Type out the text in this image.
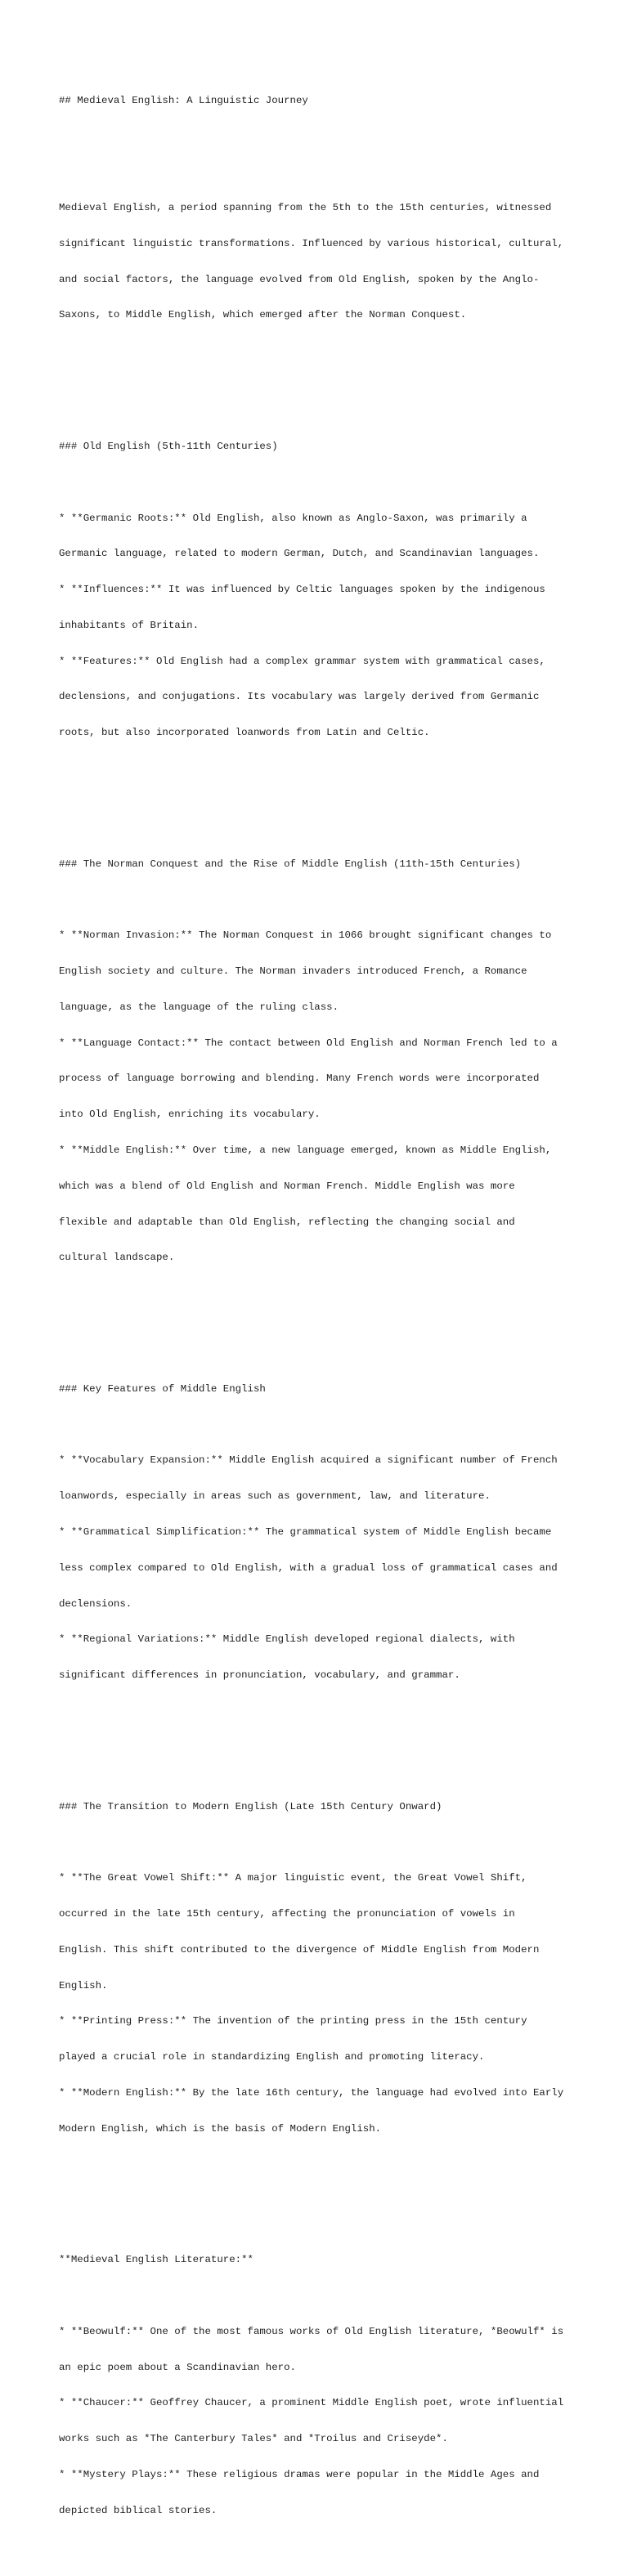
## Medieval English: A Linguistic Journey

Medieval English, a period spanning from the 5th to the 15th centuries, witnessed

significant linguistic transformations. Influenced by various historical, cultural,

and social factors, the language evolved from Old English, spoken by the Anglo-

Saxons, to Middle English, which emerged after the Norman Conquest.

### Old English (5th-11th Centuries)

* **Germanic Roots:** Old English, also known as Anglo-Saxon, was primarily a

Germanic language, related to modern German, Dutch, and Scandinavian languages.

* **Influences:** It was influenced by Celtic languages spoken by the indigenous

inhabitants of Britain.

* **Features:** Old English had a complex grammar system with grammatical cases,

declensions, and conjugations. Its vocabulary was largely derived from Germanic

roots, but also incorporated loanwords from Latin and Celtic.

### The Norman Conquest and the Rise of Middle English (11th-15th Centuries)

* **Norman Invasion:** The Norman Conquest in 1066 brought significant changes to

English society and culture. The Norman invaders introduced French, a Romance

language, as the language of the ruling class.

* **Language Contact:** The contact between Old English and Norman French led to a

process of language borrowing and blending. Many French words were incorporated

into Old English, enriching its vocabulary.

* **Middle English:** Over time, a new language emerged, known as Middle English,

which was a blend of Old English and Norman French. Middle English was more

flexible and adaptable than Old English, reflecting the changing social and

cultural landscape.

### Key Features of Middle English

* **Vocabulary Expansion:** Middle English acquired a significant number of French

loanwords, especially in areas such as government, law, and literature.

* **Grammatical Simplification:** The grammatical system of Middle English became

less complex compared to Old English, with a gradual loss of grammatical cases and

declensions.

* **Regional Variations:** Middle English developed regional dialects, with

significant differences in pronunciation, vocabulary, and grammar.

### The Transition to Modern English (Late 15th Century Onward)

* **The Great Vowel Shift:** A major linguistic event, the Great Vowel Shift,

occurred in the late 15th century, affecting the pronunciation of vowels in

English. This shift contributed to the divergence of Middle English from Modern

English.

* **Printing Press:** The invention of the printing press in the 15th century

played a crucial role in standardizing English and promoting literacy.

* **Modern English:** By the late 16th century, the language had evolved into Early

Modern English, which is the basis of Modern English.

**Medieval English Literature:**

* **Beowulf:** One of the most famous works of Old English literature, *Beowulf* is

an epic poem about a Scandinavian hero.

* **Chaucer:** Geoffrey Chaucer, a prominent Middle English poet, wrote influential

works such as *The Canterbury Tales* and *Troilus and Criseyde*.

* **Mystery Plays:** These religious dramas were popular in the Middle Ages and

depicted biblical stories.
